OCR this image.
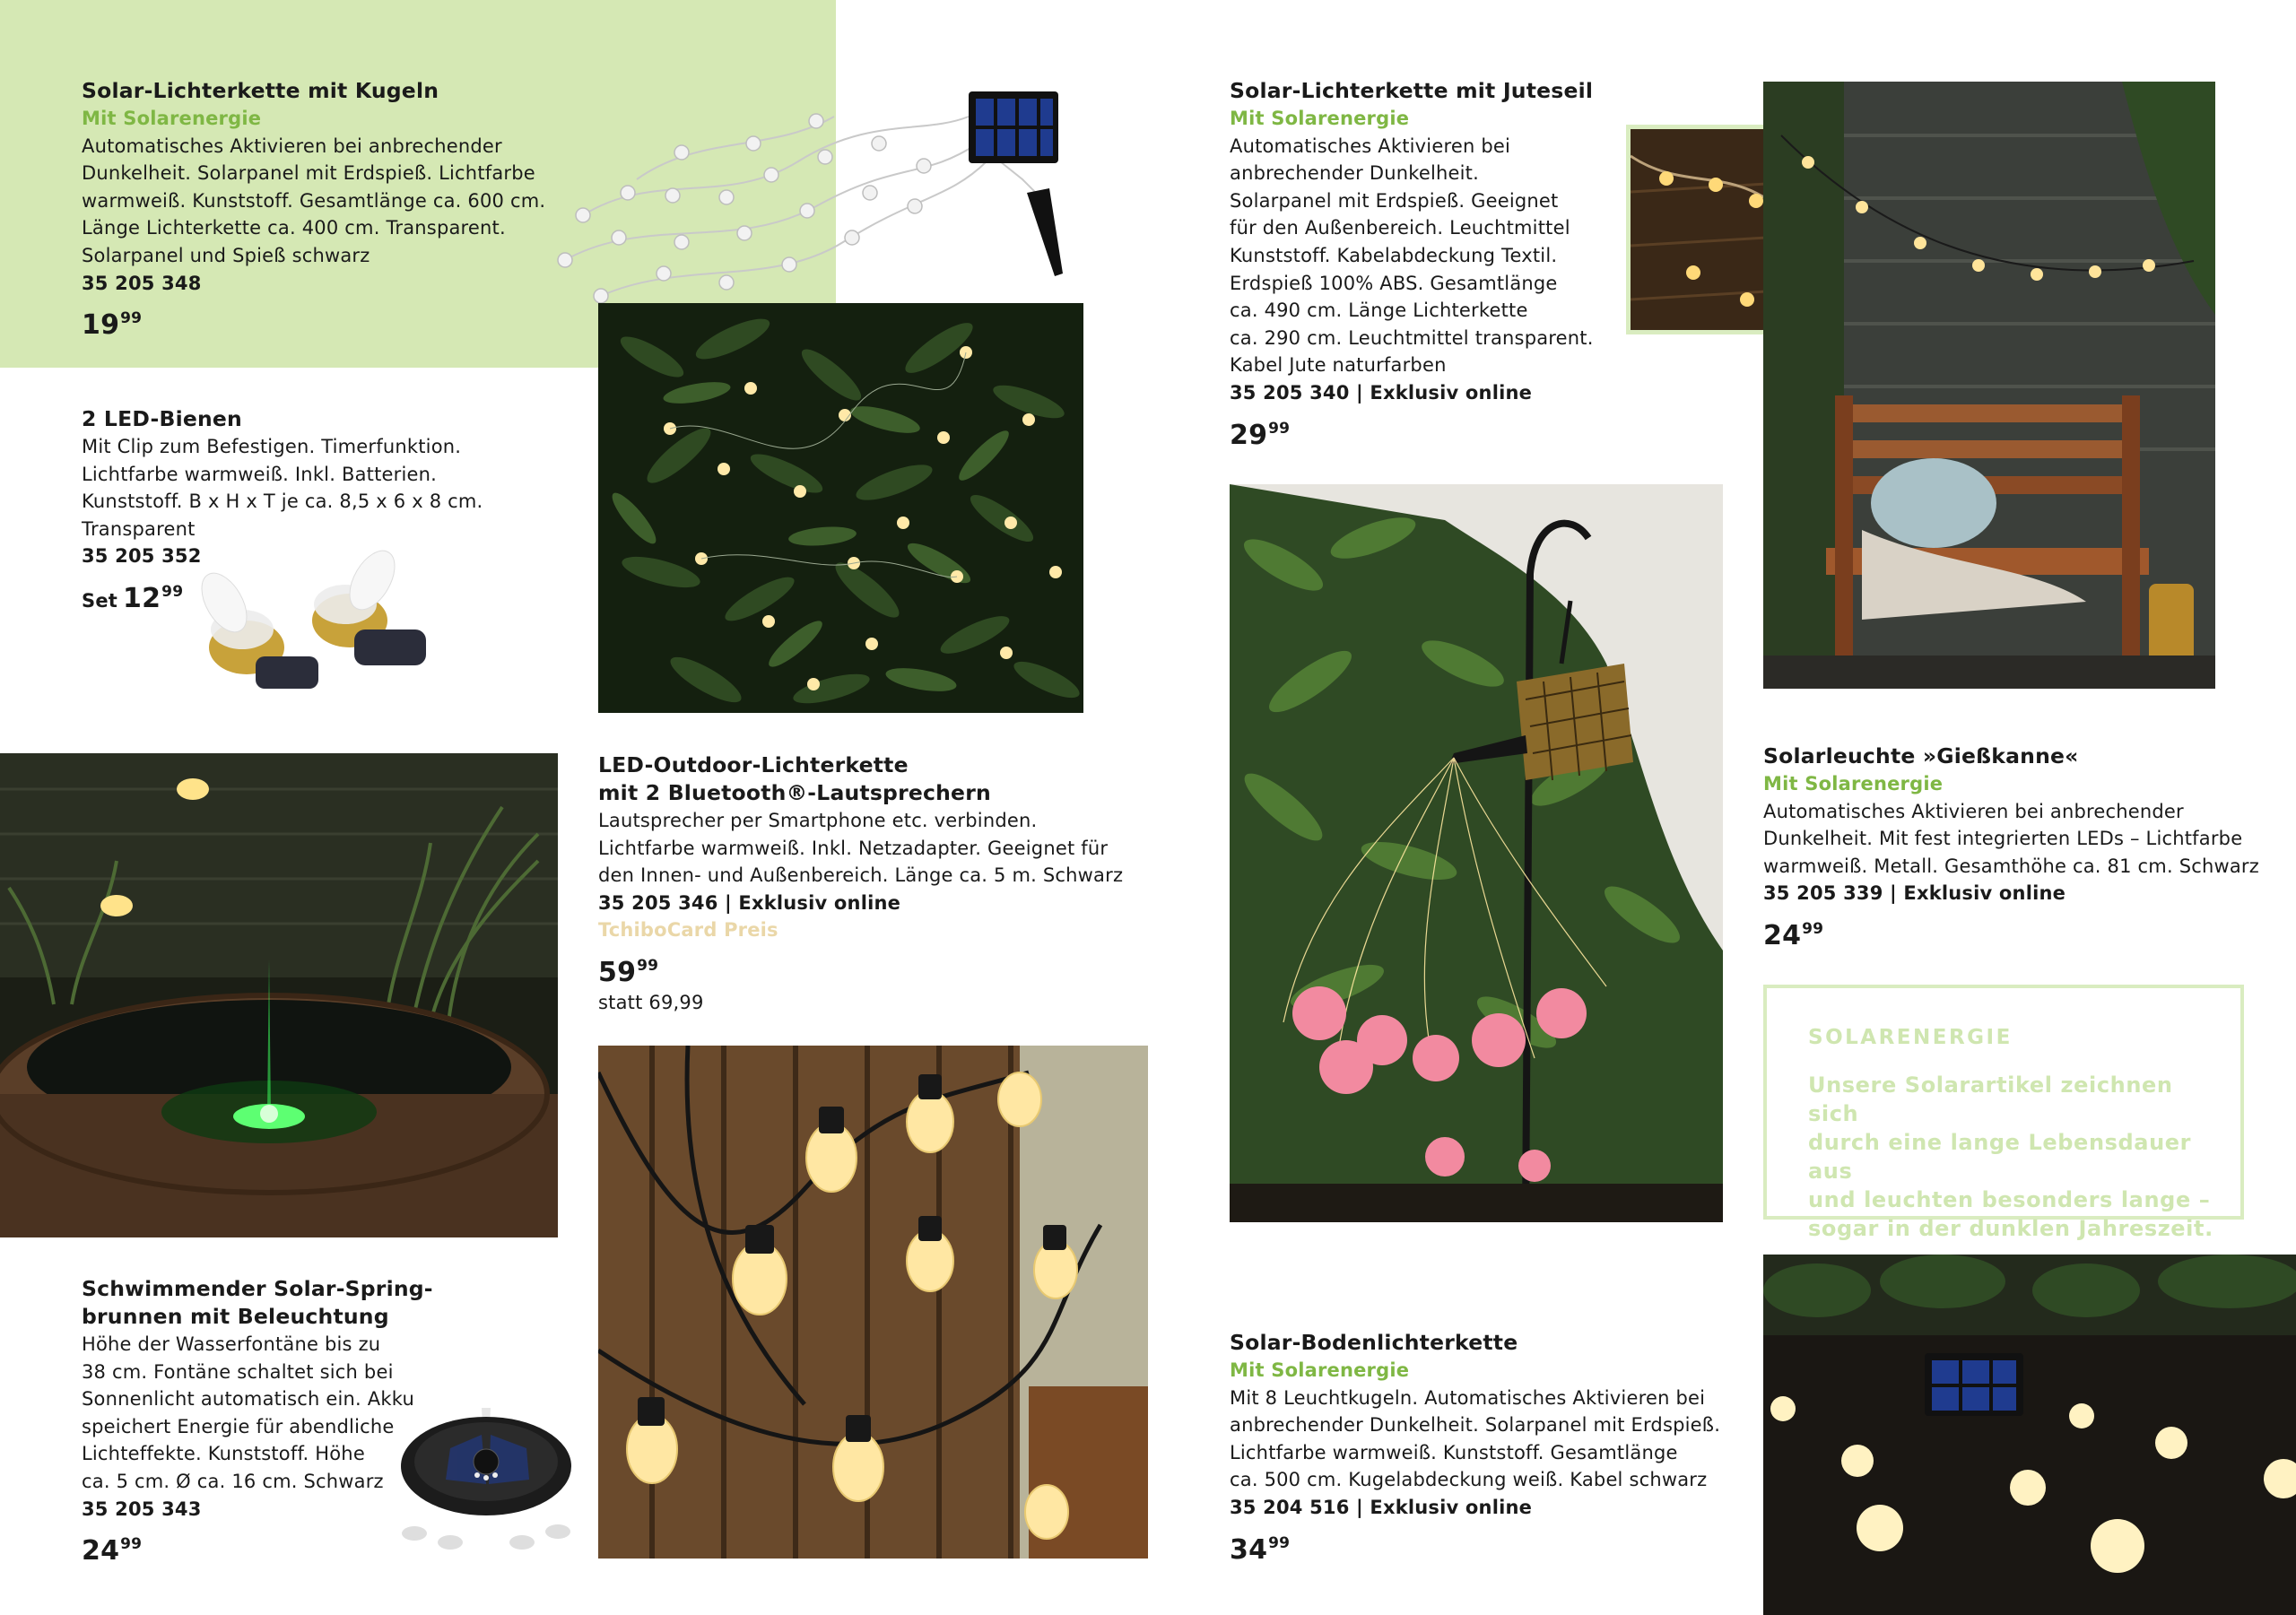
Solar-Lichterkette mit Kugeln
Mit Solarenergie
Automatisches Aktivieren bei anbrechender
Dunkelheit. Solarpanel mit Erdspieß. Lichtfarbe
warmweiß. Kunststoff. Gesamtlänge ca. 600 cm.
Länge Lichterkette ca. 400 cm. Transparent.
Solarpanel und Spieß schwarz
35 205 348
$19^{99}$
2 LED-Bienen
Mit Clip zum Befestigen. Timerfunktion.
Lichtfarbe warmweiß. Inkl. Batterien.
Kunststoff. B x H x T je ca. 8,5 x 6 x 8 cm.
Transparent
35 205 352
Set $12^{99}$
Schwimmender Solar-Spring-
brunnen mit Beleuchtung
Höhe der Wasserfontäne bis zu
38 cm. Fontäne schaltet sich bei
Sonnenlicht automatisch ein. Akku
speichert Energie für abendliche
Lichteffekte. Kunststoff. Höhe
ca. 5 cm. Ø ca. 16 cm. Schwarz
35 205 343
$24^{99}$
LED-Outdoor-Lichterkette
mit 2 Bluetooth®-Lautsprechern
Lautsprecher per Smartphone etc. verbinden.
Lichtfarbe warmweiß. Inkl. Netzadapter. Geeignet für
den Innen- und Außenbereich. Länge ca. 5 m. Schwarz
35 205 346 | Exklusiv online
TchiboCard Preis
$59^{99}$
statt 69,99
Solar-Lichterkette mit Juteseil
Mit Solarenergie
Automatisches Aktivieren bei
anbrechender Dunkelheit.
Solarpanel mit Erdspieß. Geeignet
für den Außenbereich. Leuchtmittel
Kunststoff. Kabelabdeckung Textil.
Erdspieß 100% ABS. Gesamtlänge
ca. 490 cm. Länge Lichterkette
ca. 290 cm. Leuchtmittel transparent.
Kabel Jute naturfarben
35 205 340 | Exklusiv online
$29^{99}$
Solar-Bodenlichterkette
Mit Solarenergie
Mit 8 Leuchtkugeln. Automatisches Aktivieren bei
anbrechender Dunkelheit. Solarpanel mit Erdspieß.
Lichtfarbe warmweiß. Kunststoff. Gesamtlänge
ca. 500 cm. Kugelabdeckung weiß. Kabel schwarz
35 204 516 | Exklusiv online
$34^{99}$
Solarleuchte »Gießkanne«
Mit Solarenergie
Automatisches Aktivieren bei anbrechender
Dunkelheit. Mit fest integrierten LEDs – Lichtfarbe
warmweiß. Metall. Gesamthöhe ca. 81 cm. Schwarz
35 205 339 | Exklusiv online
$24^{99}$
SOLARENERGIE
Unsere Solarartikel zeichnen sich
durch eine lange Lebensdauer aus
und leuchten besonders lange –
sogar in der dunklen Jahreszeit.
